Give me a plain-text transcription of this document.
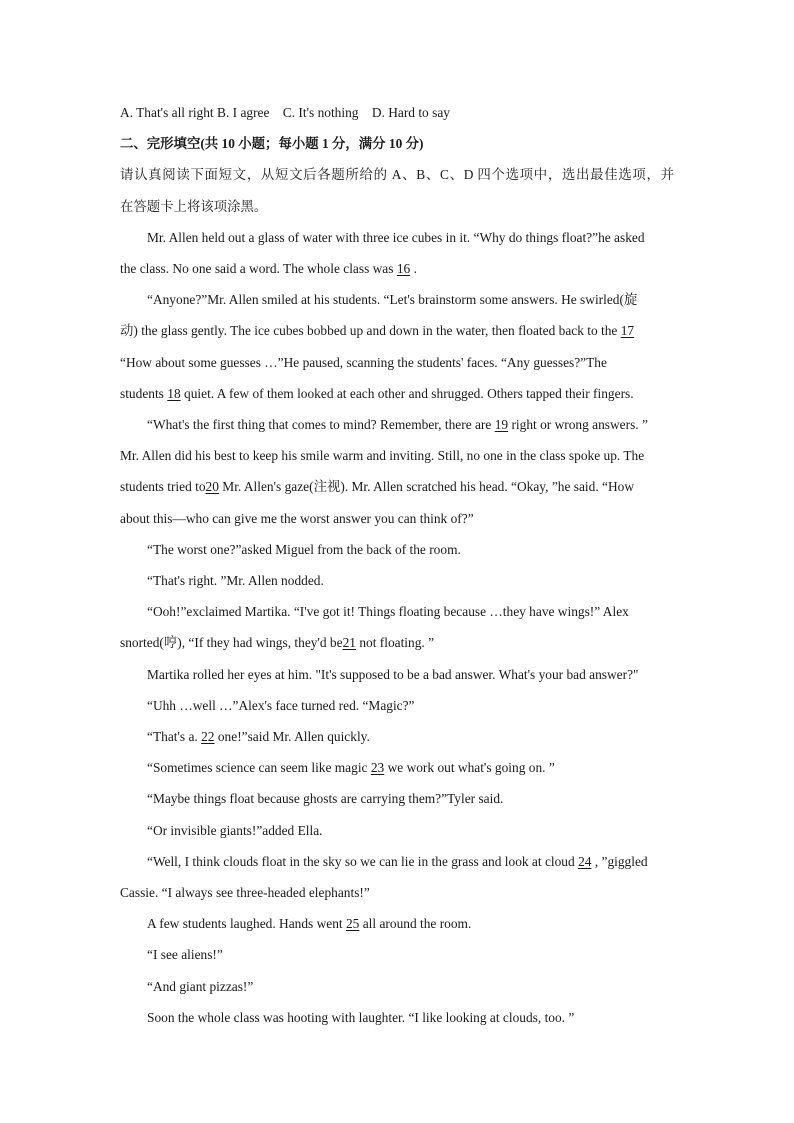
A. That's all right B. I agree C. It's nothing D. Hard to say
二、完形填空(共 10 小题；每小题 1 分，满分 10 分)
请认真阅读下面短文，从短文后各题所给的 A、B、C、D 四个选项中，选出最佳选项，并
在答题卡上将该项涂黑。
Mr. Allen held out a glass of water with three ice cubes in it. “Why do things float?”he asked
the class. No one said a word. The whole class was 16 .
“Anyone?”Mr. Allen smiled at his students. “Let's brainstorm some answers. He swirled(旋
动) the glass gently. The ice cubes bobbed up and down in the water, then floated back to the 17
“How about some guesses …”He paused, scanning the students' faces. “Any guesses?”The
students 18 quiet. A few of them looked at each other and shrugged. Others tapped their fingers.
“What's the first thing that comes to mind? Remember, there are 19 right or wrong answers. ”
Mr. Allen did his best to keep his smile warm and inviting. Still, no one in the class spoke up. The
students tried to20 Mr. Allen's gaze(注视). Mr. Allen scratched his head. “Okay, ”he said. “How
about this—who can give me the worst answer you can think of?”
“The worst one?”asked Miguel from the back of the room.
“That's right. ”Mr. Allen nodded.
“Ooh!”exclaimed Martika. “I've got it! Things floating because …they have wings!” Alex
snorted(哼), “If they had wings, they'd be21 not floating. ”
Martika rolled her eyes at him. "It's supposed to be a bad answer. What's your bad answer?"
“Uhh …well …”Alex's face turned red. “Magic?”
“That's a. 22 one!”said Mr. Allen quickly.
“Sometimes science can seem like magic 23 we work out what's going on. ”
“Maybe things float because ghosts are carrying them?”Tyler said.
“Or invisible giants!”added Ella.
“Well, I think clouds float in the sky so we can lie in the grass and look at cloud 24 , ”giggled
Cassie. “I always see three-headed elephants!”
A few students laughed. Hands went 25 all around the room.
“I see aliens!”
“And giant pizzas!”
Soon the whole class was hooting with laughter. “I like looking at clouds, too. ”
